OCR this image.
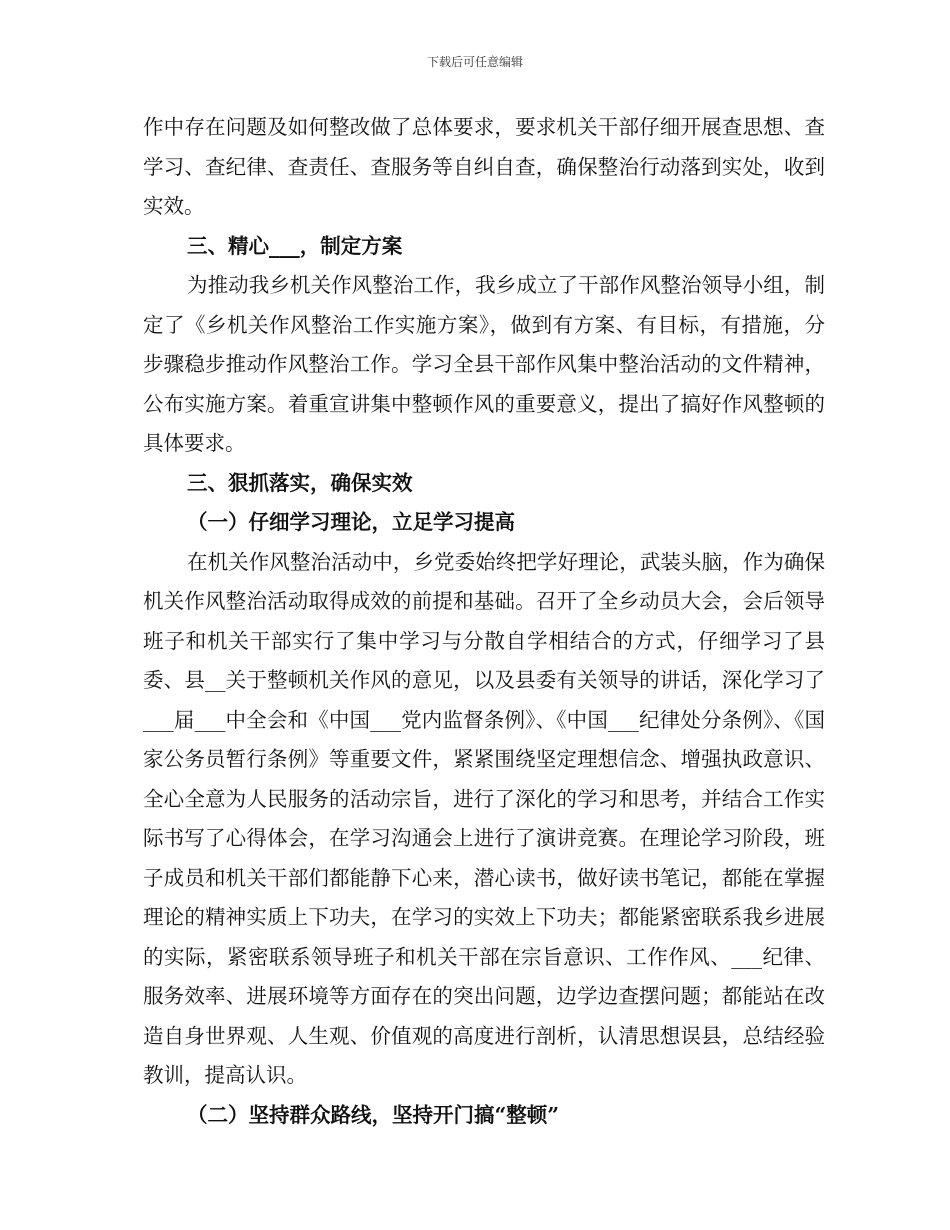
下载后可任意编辑

作中存在问题及如何整改做了总体要求，要求机关干部仔细开展查思想、查学习、查纪律、查责任、查服务等自纠自查，确保整治行动落到实处，收到实效。

三、精心___，制定方案

为推动我乡机关作风整治工作，我乡成立了干部作风整治领导小组，制定了《乡机关作风整治工作实施方案》，做到有方案、有目标，有措施，分步骤稳步推动作风整治工作。学习全县干部作风集中整治活动的文件精神，公布实施方案。着重宣讲集中整顿作风的重要意义，提出了搞好作风整顿的具体要求。

三、狠抓落实，确保实效

（一）仔细学习理论，立足学习提高

在机关作风整治活动中，乡党委始终把学好理论，武装头脑，作为确保机关作风整治活动取得成效的前提和基础。召开了全乡动员大会，会后领导班子和机关干部实行了集中学习与分散自学相结合的方式，仔细学习了县委、县__关于整顿机关作风的意见，以及县委有关领导的讲话，深化学习了___届___中全会和《中国___党内监督条例》、《中国___纪律处分条例》、《国家公务员暂行条例》等重要文件，紧紧围绕坚定理想信念、增强执政意识、全心全意为人民服务的活动宗旨，进行了深化的学习和思考，并结合工作实际书写了心得体会，在学习沟通会上进行了演讲竞赛。在理论学习阶段，班子成员和机关干部们都能静下心来，潜心读书，做好读书笔记，都能在掌握理论的精神实质上下功夫，在学习的实效上下功夫；都能紧密联系我乡进展的实际，紧密联系领导班子和机关干部在宗旨意识、工作作风、___纪律、服务效率、进展环境等方面存在的突出问题，边学边查摆问题；都能站在改造自身世界观、人生观、价值观的高度进行剖析，认清思想误县，总结经验教训，提高认识。

（二）坚持群众路线，坚持开门搞“整顿”
